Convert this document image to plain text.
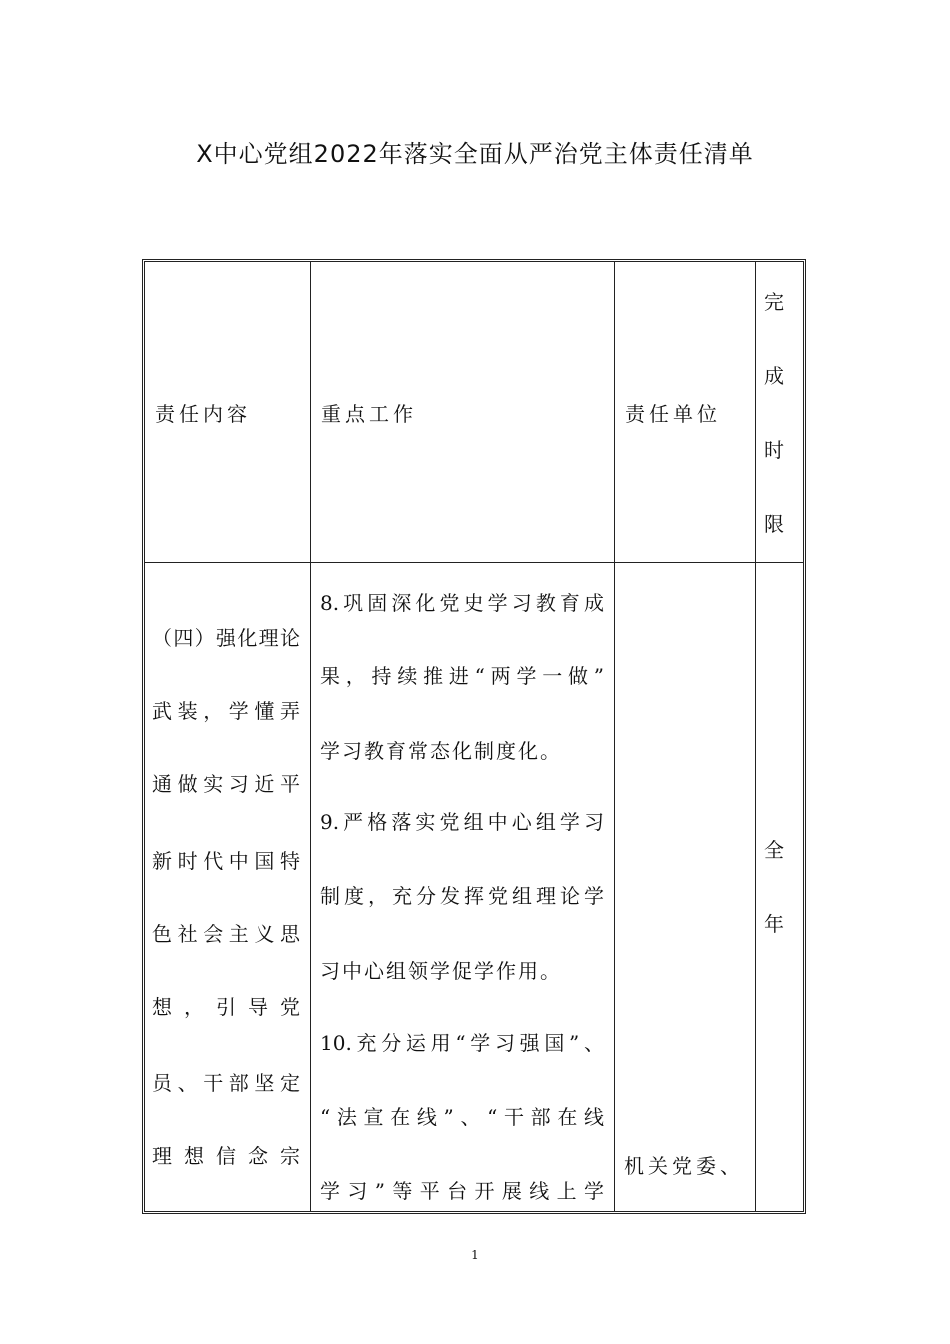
X中心党组2022年落实全面从严治党主体责任清单
责任内容	重点工作	责任单位
完
成
时
限
（四）强化理论
武装，学懂弄
通做实习近平
新时代中国特
色社会主义思
想，引导党
员、干部坚定
理想信念宗
8.巩固深化党史学习教育成
果，持续推进“两学一做”
学习教育常态化制度化。
9.严格落实党组中心组学习
制度，充分发挥党组理论学
习中心组领学促学作用。
10.充分运用“学习强国”、
“法宣在线”、“干部在线
学习”等平台开展线上学
机关党委、
全
年
1
